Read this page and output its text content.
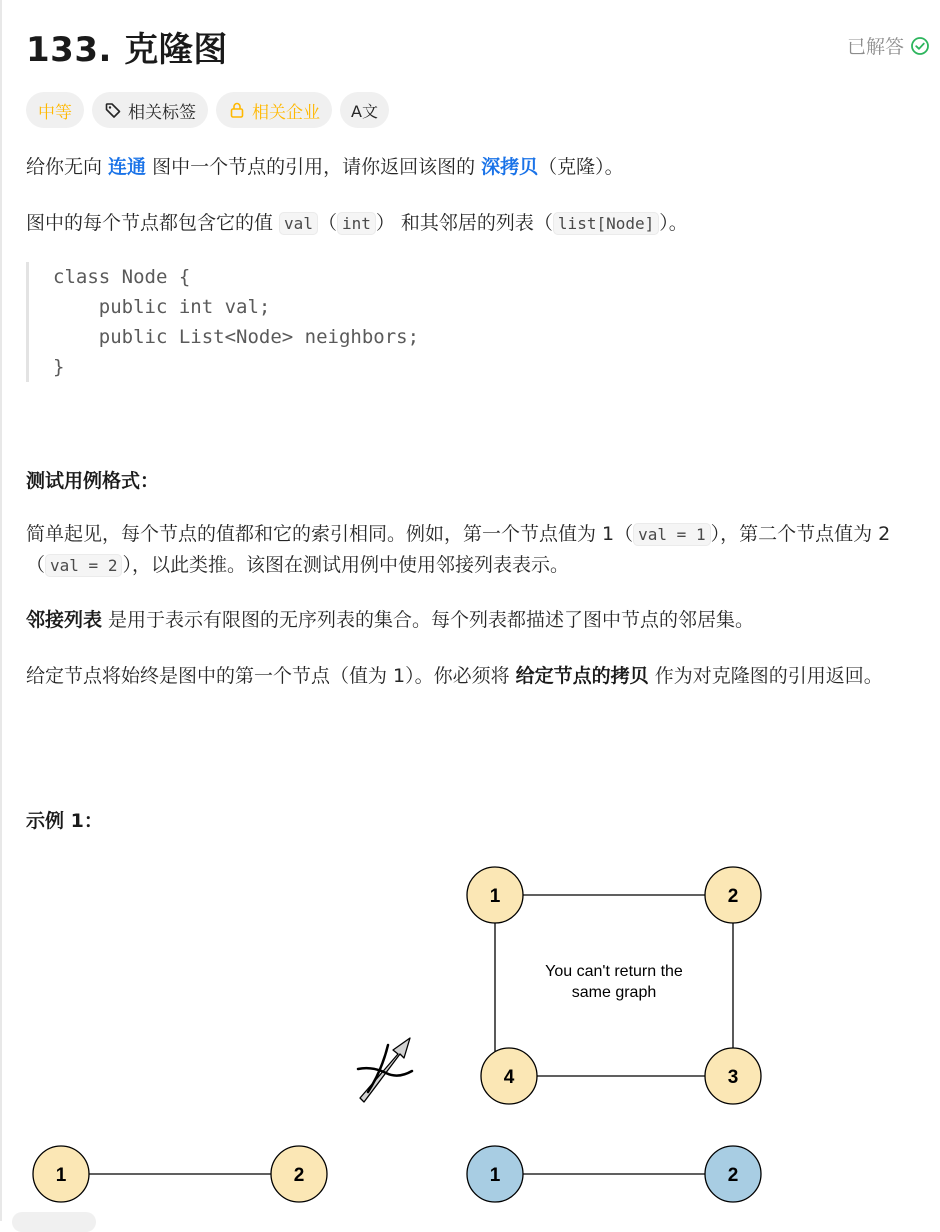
133. 克隆图	已解答
中等	相关标签	相关企业 A文

给你无向 连通 图中一个节点的引用，请你返回该图的 深拷贝（克隆）。

图中的每个节点都包含它的值 val （ int ） 和其邻居的列表（ list[Node] ）。

class Node {
public int val;
public List<Node> neighbors;
}
测试用例格式：

简单起见，每个节点的值都和它的索引相同。例如，第一个节点值为 1（ val = 1 ），第二个节点值为 2（ val = 2 ），以此类推。该图在测试用例中使用邻接列表表示。

邻接列表 是用于表示有限图的无序列表的集合。每个列表都描述了图中节点的邻居集。

给定节点将始终是图中的第一个节点（值为 1）。你必须将 给定节点的拷贝 作为对克隆图的引用返回。

示例 1：
You can't return the
same graph
1	2
3
4
1	2	1	2
